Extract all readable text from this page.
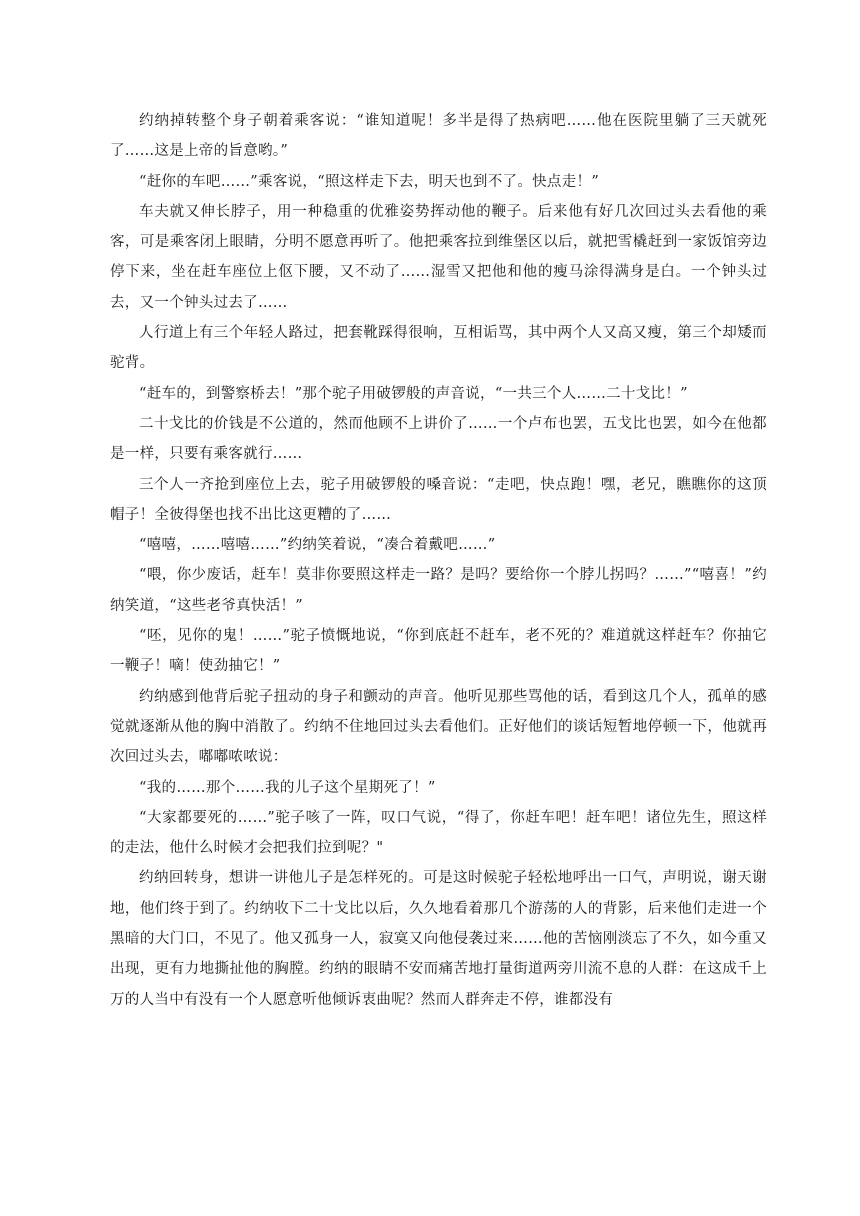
约纳掉转整个身子朝着乘客说：“谁知道呢！多半是得了热病吧……他在医院里躺了三天就死了……这是上帝的旨意哟。”

“赶你的车吧……”乘客说，“照这样走下去，明天也到不了。快点走！”

车夫就又伸长脖子，用一种稳重的优雅姿势挥动他的鞭子。后来他有好几次回过头去看他的乘客，可是乘客闭上眼睛，分明不愿意再听了。他把乘客拉到维堡区以后，就把雪橇赶到一家饭馆旁边停下来，坐在赶车座位上伛下腰，又不动了……湿雪又把他和他的瘦马涂得满身是白。一个钟头过去，又一个钟头过去了……

人行道上有三个年轻人路过，把套靴踩得很响，互相诟骂，其中两个人又高又瘦，第三个却矮而驼背。

“赶车的，到警察桥去！”那个驼子用破锣般的声音说，“一共三个人……二十戈比！”

二十戈比的价钱是不公道的，然而他顾不上讲价了……一个卢布也罢，五戈比也罢，如今在他都是一样，只要有乘客就行……

三个人一齐抢到座位上去，驼子用破锣般的嗓音说：“走吧，快点跑！嘿，老兄，瞧瞧你的这顶帽子！全彼得堡也找不出比这更糟的了……

“嘻嘻，……嘻嘻……”约纳笑着说，“凑合着戴吧……”

“喂，你少废话，赶车！莫非你要照这样走一路？是吗？要给你一个脖儿拐吗？……”“嘻喜！”约纳笑道，“这些老爷真快活！”

“呸，见你的鬼！……”驼子愤慨地说，“你到底赶不赶车，老不死的？难道就这样赶车？你抽它一鞭子！嘀！使劲抽它！”

约纳感到他背后驼子扭动的身子和颤动的声音。他听见那些骂他的话，看到这几个人，孤单的感觉就逐渐从他的胸中消散了。约纳不住地回过头去看他们。正好他们的谈话短暂地停顿一下，他就再次回过头去，嘟嘟哝哝说：

“我的……那个……我的儿子这个星期死了！”

“大家都要死的……”驼子咳了一阵，叹口气说，“得了，你赶车吧！赶车吧！诸位先生，照这样的走法，他什么时候才会把我们拉到呢？"

约纳回转身，想讲一讲他儿子是怎样死的。可是这时候驼子轻松地呼出一口气，声明说，谢天谢地，他们终于到了。约纳收下二十戈比以后，久久地看着那几个游荡的人的背影，后来他们走进一个黑暗的大门口，不见了。他又孤身一人，寂寞又向他侵袭过来……他的苦恼刚淡忘了不久，如今重又出现，更有力地撕扯他的胸膛。约纳的眼睛不安而痛苦地打量街道两旁川流不息的人群：在这成千上万的人当中有没有一个人愿意听他倾诉衷曲呢？然而人群奔走不停，谁都没有
